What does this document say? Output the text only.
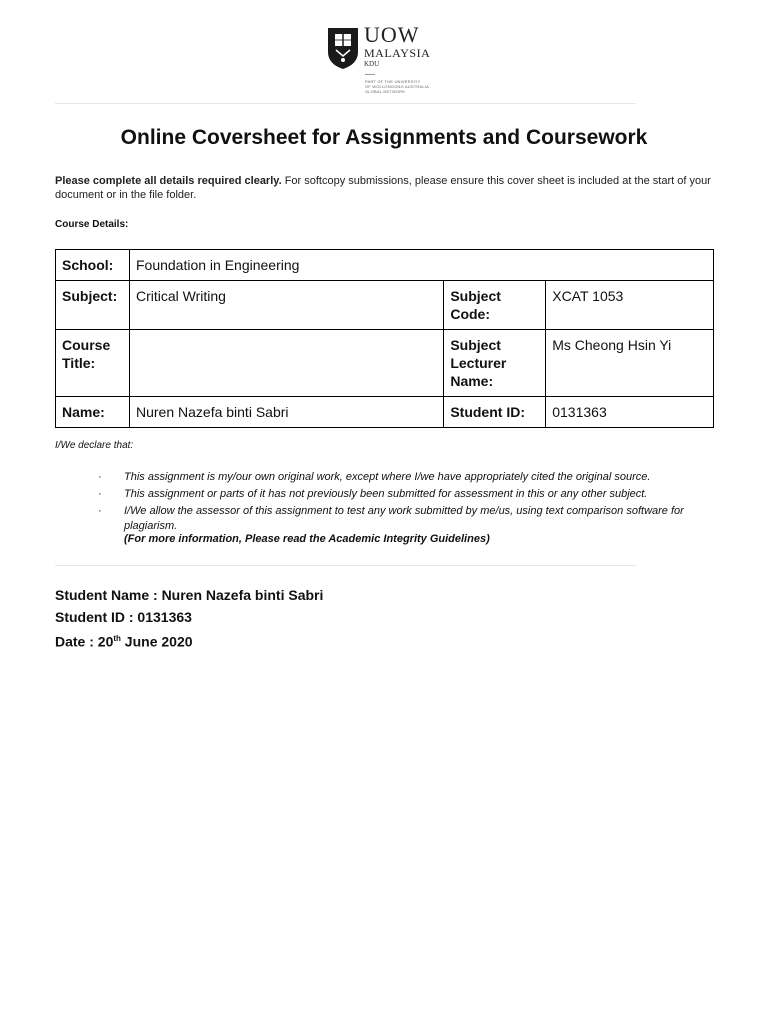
UOW
MALAYSIA
KDU
PART OF THE UNIVERSITY
OF WOLLONGONG AUSTRALIA
GLOBAL NETWORK
Online Coversheet for Assignments and Coursework

Please complete all details required clearly. For softcopy submissions, please ensure this cover sheet is included at the start of your document or in the file folder.

Course Details:

School:	Foundation in Engineering		
Subject:	Critical Writing	Subject Code:	XCAT 1053
Course Title:		Subject Lecturer Name:	Ms Cheong Hsin Yi
Name:	Nuren Nazefa binti Sabri	Student ID:	0131363

I/We declare that:

· This assignment is my/our own original work, except where I/we have appropriately cited the original source.
· This assignment or parts of it has not previously been submitted for assessment in this or any other subject.
· I/We allow the assessor of this assignment to test any work submitted by me/us, using text comparison software for plagiarism.

(For more information, Please read the Academic Integrity Guidelines)

Student Name : Nuren Nazefa binti Sabri
Student ID : 0131363
Date : 20th June 2020
